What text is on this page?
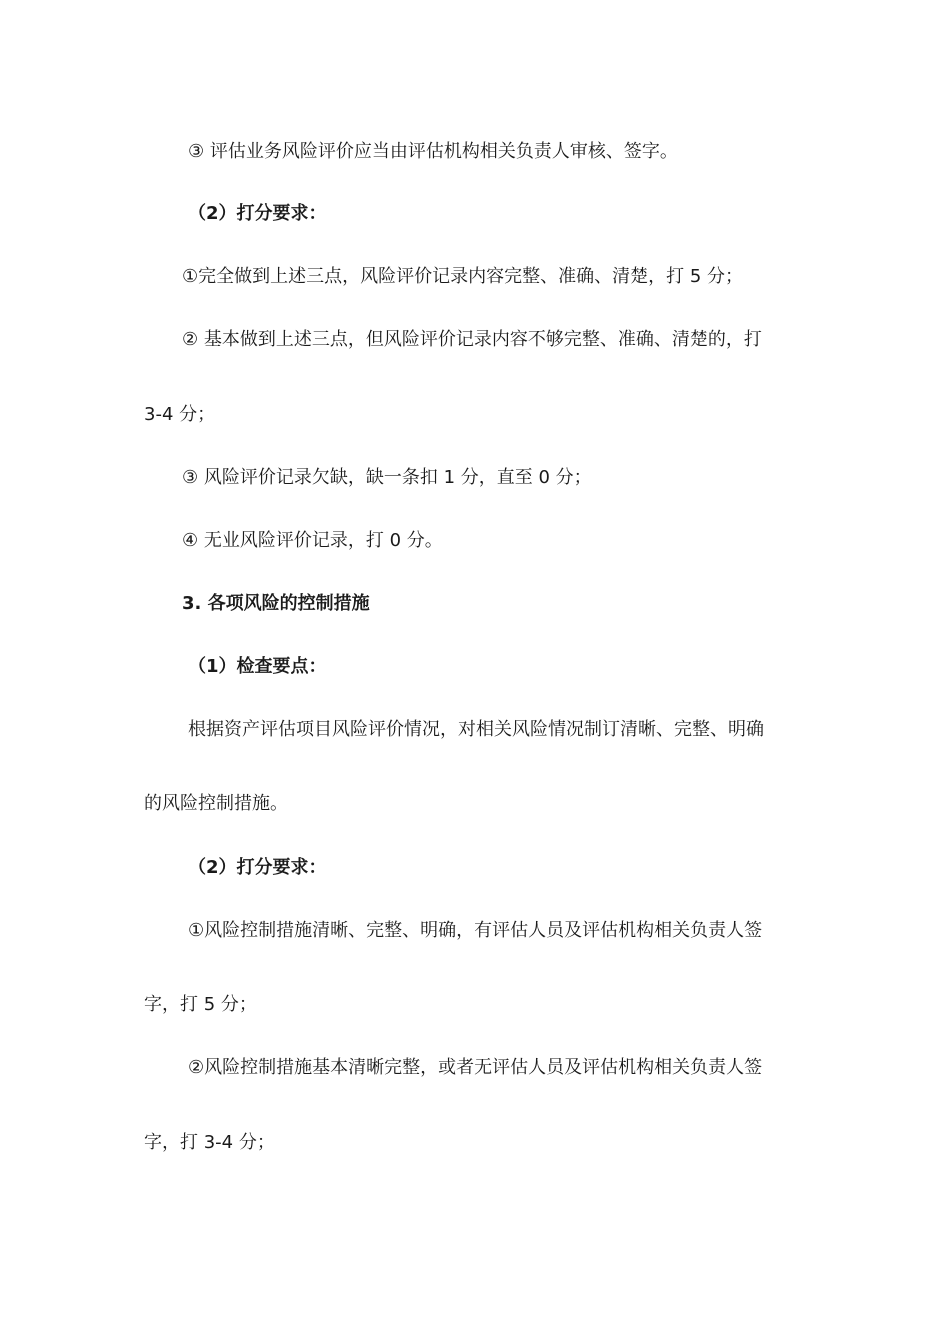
③ 评估业务风险评价应当由评估机构相关负责人审核、签字。
（2）打分要求：
①完全做到上述三点，风险评价记录内容完整、准确、清楚，打 5 分；
② 基本做到上述三点，但风险评价记录内容不够完整、准确、清楚的，打
3-4 分；
③ 风险评价记录欠缺，缺一条扣 1 分，直至 0 分；
④ 无业风险评价记录，打 0 分。
3. 各项风险的控制措施
（1）检查要点：
根据资产评估项目风险评价情况，对相关风险情况制订清晰、完整、明确
的风险控制措施。
（2）打分要求：
①风险控制措施清晰、完整、明确，有评估人员及评估机构相关负责人签
字，打 5 分；
②风险控制措施基本清晰完整，或者无评估人员及评估机构相关负责人签
字，打 3-4 分；
